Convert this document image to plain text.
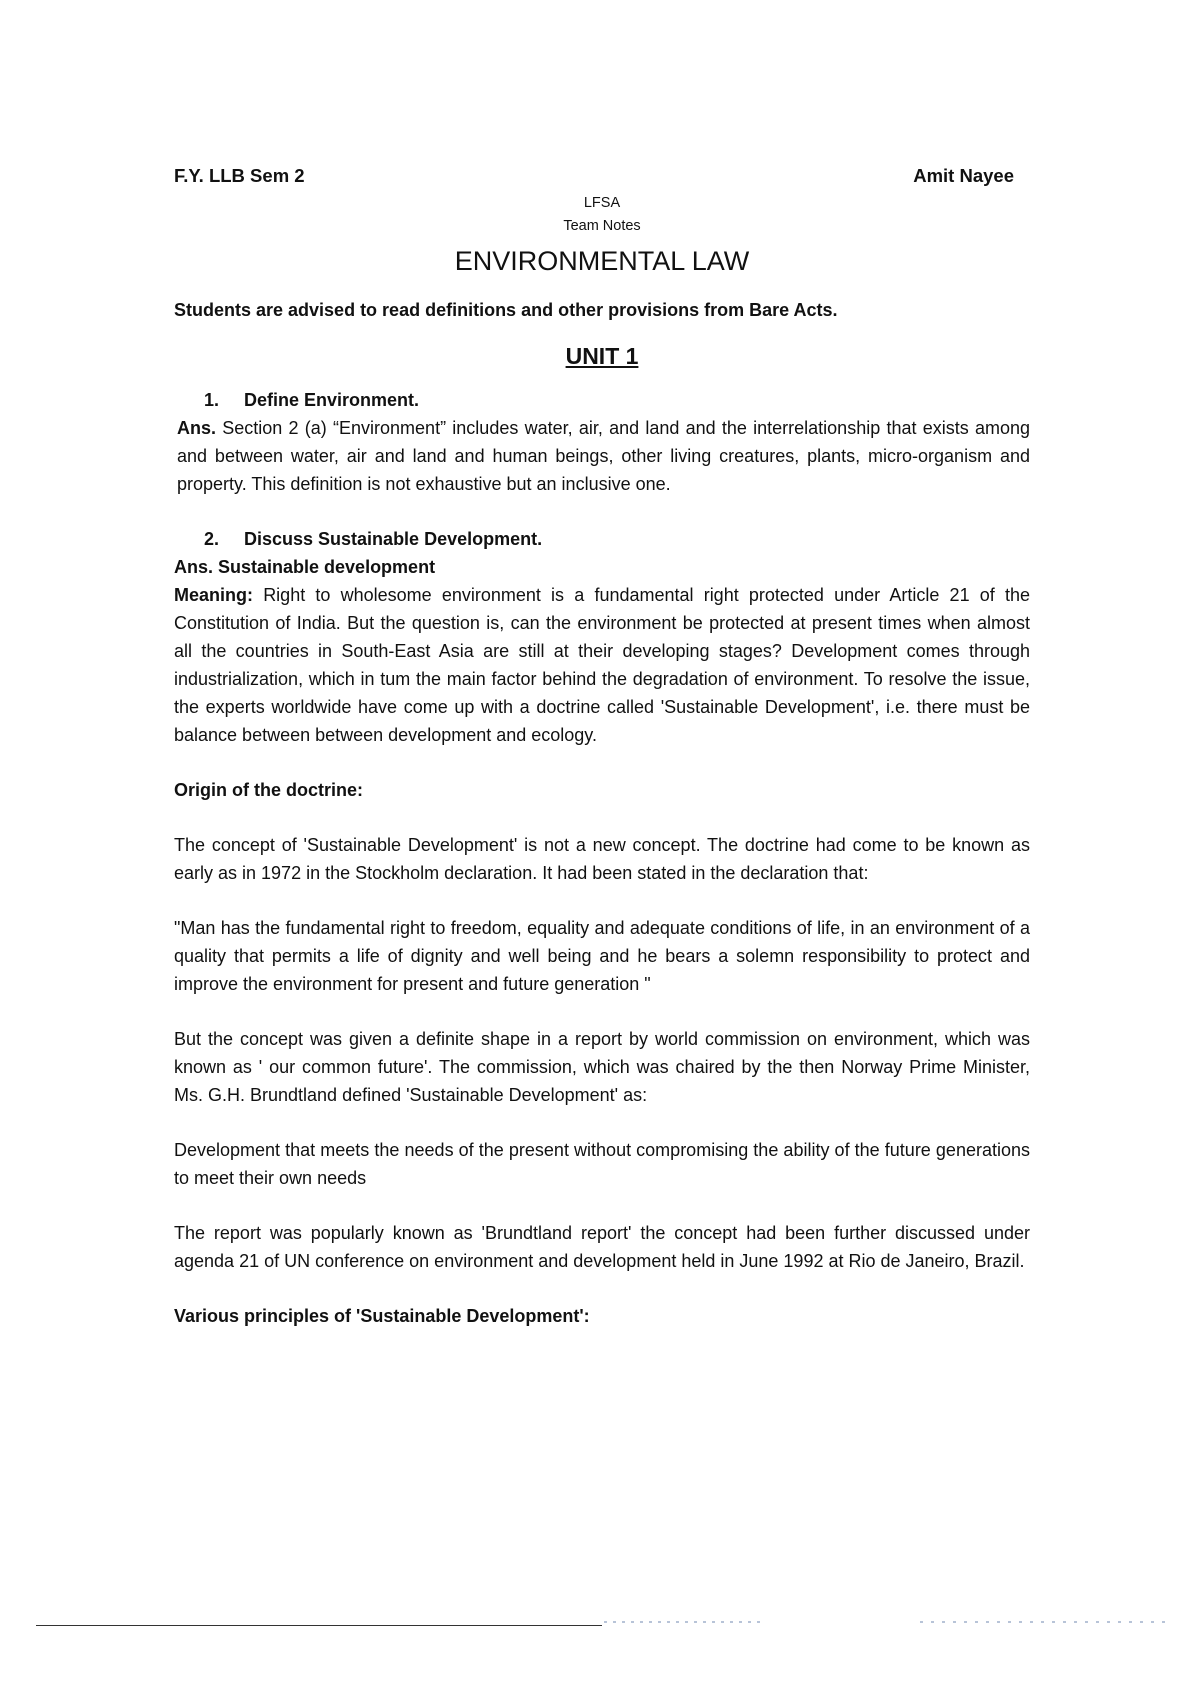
F.Y. LLB Sem 2	Amit Nayee
LFSA
Team Notes
ENVIRONMENTAL LAW
Students are advised to read definitions and other provisions from Bare Acts.
UNIT 1
1. Define Environment.
Ans. Section 2 (a) “Environment” includes water, air, and land and the interrelationship that exists among and between water, air and land and human beings, other living creatures, plants, micro-organism and property. This definition is not exhaustive but an inclusive one.
2. Discuss Sustainable Development.
Ans. Sustainable development
Meaning: Right to wholesome environment is a fundamental right protected under Article 21 of the Constitution of India. But the question is, can the environment be protected at present times when almost all the countries in South-East Asia are still at their developing stages? Development comes through industrialization, which in tum the main factor behind the degradation of environment. To resolve the issue, the experts worldwide have come up with a doctrine called 'Sustainable Development', i.e. there must be balance between between development and ecology.
Origin of the doctrine:
The concept of 'Sustainable Development' is not a new concept. The doctrine had come to be known as early as in 1972 in the Stockholm declaration. It had been stated in the declaration that:
"Man has the fundamental right to freedom, equality and adequate conditions of life, in an environment of a quality that permits a life of dignity and well being and he bears a solemn responsibility to protect and improve the environment for present and future generation "
But the concept was given a definite shape in a report by world commission on environment, which was known as ' our common future'. The commission, which was chaired by the then Norway Prime Minister, Ms. G.H. Brundtland defined 'Sustainable Development' as:
Development that meets the needs of the present without compromising the ability of the future generations to meet their own needs
The report was popularly known as 'Brundtland report' the concept had been further discussed under agenda 21 of UN conference on environment and development held in June 1992 at Rio de Janeiro, Brazil.
Various principles of 'Sustainable Development':
